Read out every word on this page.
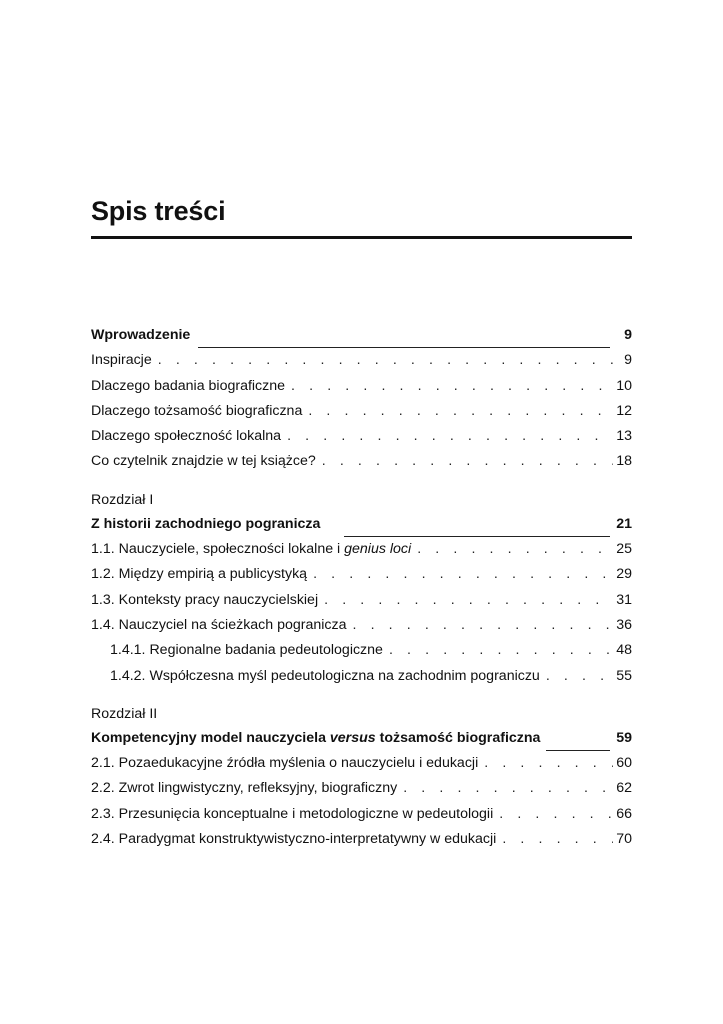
Spis treści
Wprowadzenie	9
Inspiracje . . .	9
Dlaczego badania biograficzne . . .	10
Dlaczego tożsamość biograficzna . . .	12
Dlaczego społeczność lokalna . . .	13
Co czytelnik znajdzie w tej książce? . . .	18
Rozdział I
Z historii zachodniego pogranicza	21
1.1. Nauczyciele, społeczności lokalne i genius loci . . .	25
1.2. Między empirią a publicystyką . . .	29
1.3. Konteksty pracy nauczycielskiej . . .	31
1.4. Nauczyciel na ścieżkach pogranicza . . .	36
1.4.1. Regionalne badania pedeutologiczne . . .	48
1.4.2. Współczesna myśl pedeutologiczna na zachodnim pograniczu . . .	55
Rozdział II
Kompetencyjny model nauczyciela versus tożsamość biograficzna	59
2.1. Pozaedukacyjne źródła myślenia o nauczycielu i edukacji . . .	60
2.2. Zwrot lingwistyczny, refleksyjny, biograficzny . . .	62
2.3. Przesunięcia konceptualne i metodologiczne w pedeutologii . . .	66
2.4. Paradygmat konstruktywistyczno-interpretatywny w edukacji . . .	70
